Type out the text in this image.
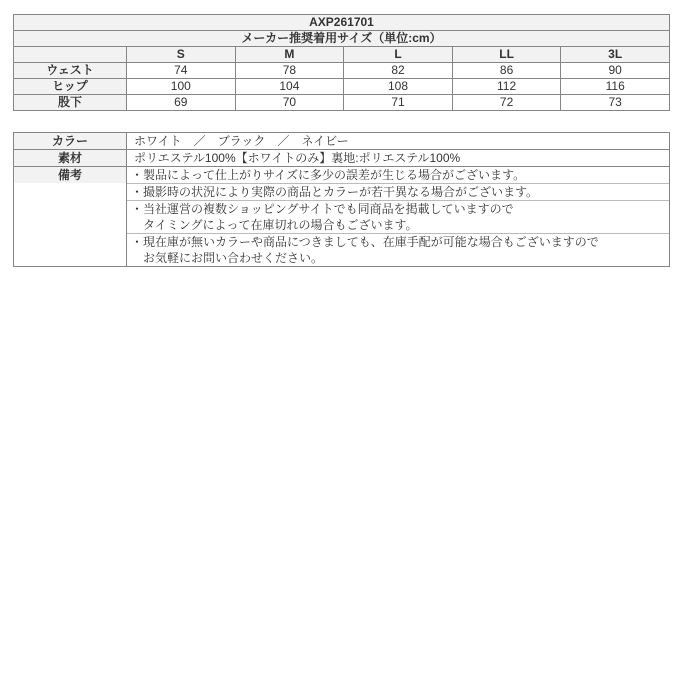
AXP261701
メーカー推奨着用サイズ（単位:cm）
S	M	L	LL	3L
ウェスト	74	78	82	86	90
ヒップ	100	104	108	112	116
股下	69	70	71	72	73
カラー	ホワイト　／　ブラック　／　ネイビー
素材	ポリエステル100%【ホワイトのみ】裏地:ポリエステル100%
備考	・製品によって仕上がりサイズに多少の誤差が生じる場合がございます。
・撮影時の状況により実際の商品とカラーが若干異なる場合がございます。
・当社運営の複数ショッピングサイトでも同商品を掲載していますので
タイミングによって在庫切れの場合もございます。
・現在庫が無いカラーや商品につきましても、在庫手配が可能な場合もございますので
お気軽にお問い合わせください。
